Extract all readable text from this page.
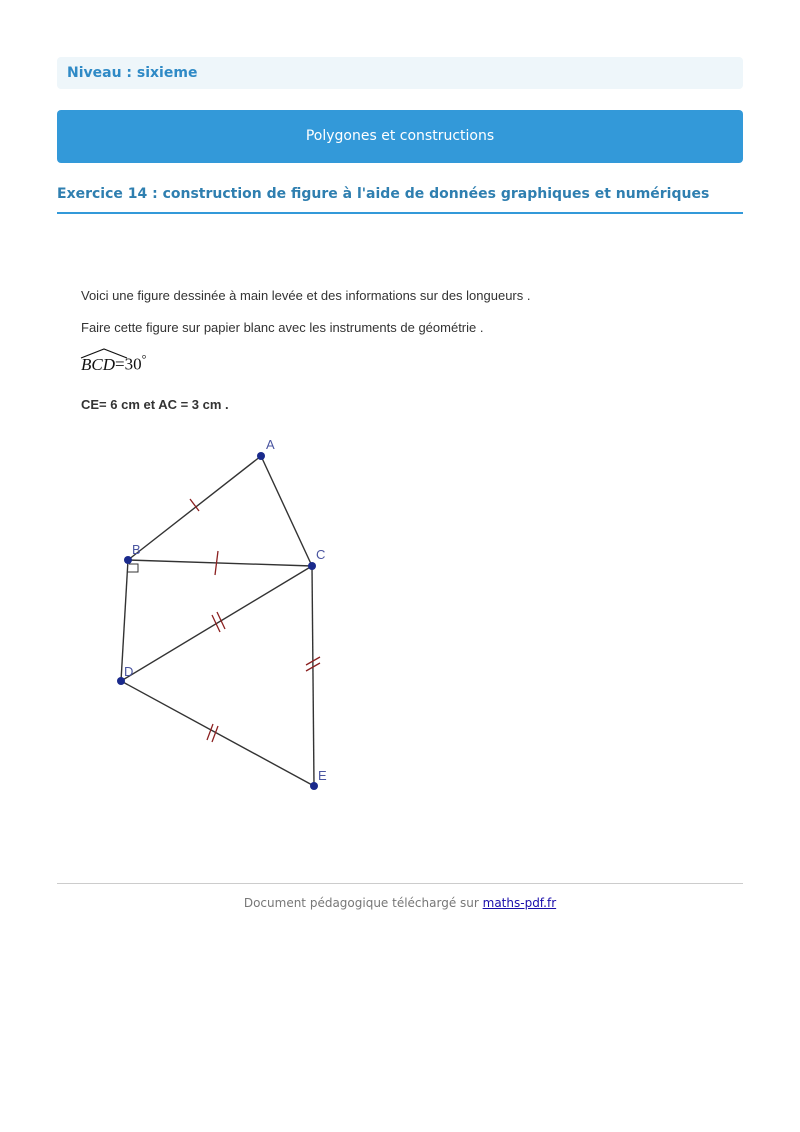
Niveau : sixieme
Polygones et constructions
Exercice 14 : construction de figure à l'aide de données graphiques et numériques
Voici une figure dessinée à main levée et des informations sur des longueurs .
Faire cette figure sur papier blanc avec les instruments de géométrie .
BCD=30°
CE= 6 cm et AC = 3 cm .
A
B	C
D
E
Document pédagogique téléchargé sur maths-pdf.fr
